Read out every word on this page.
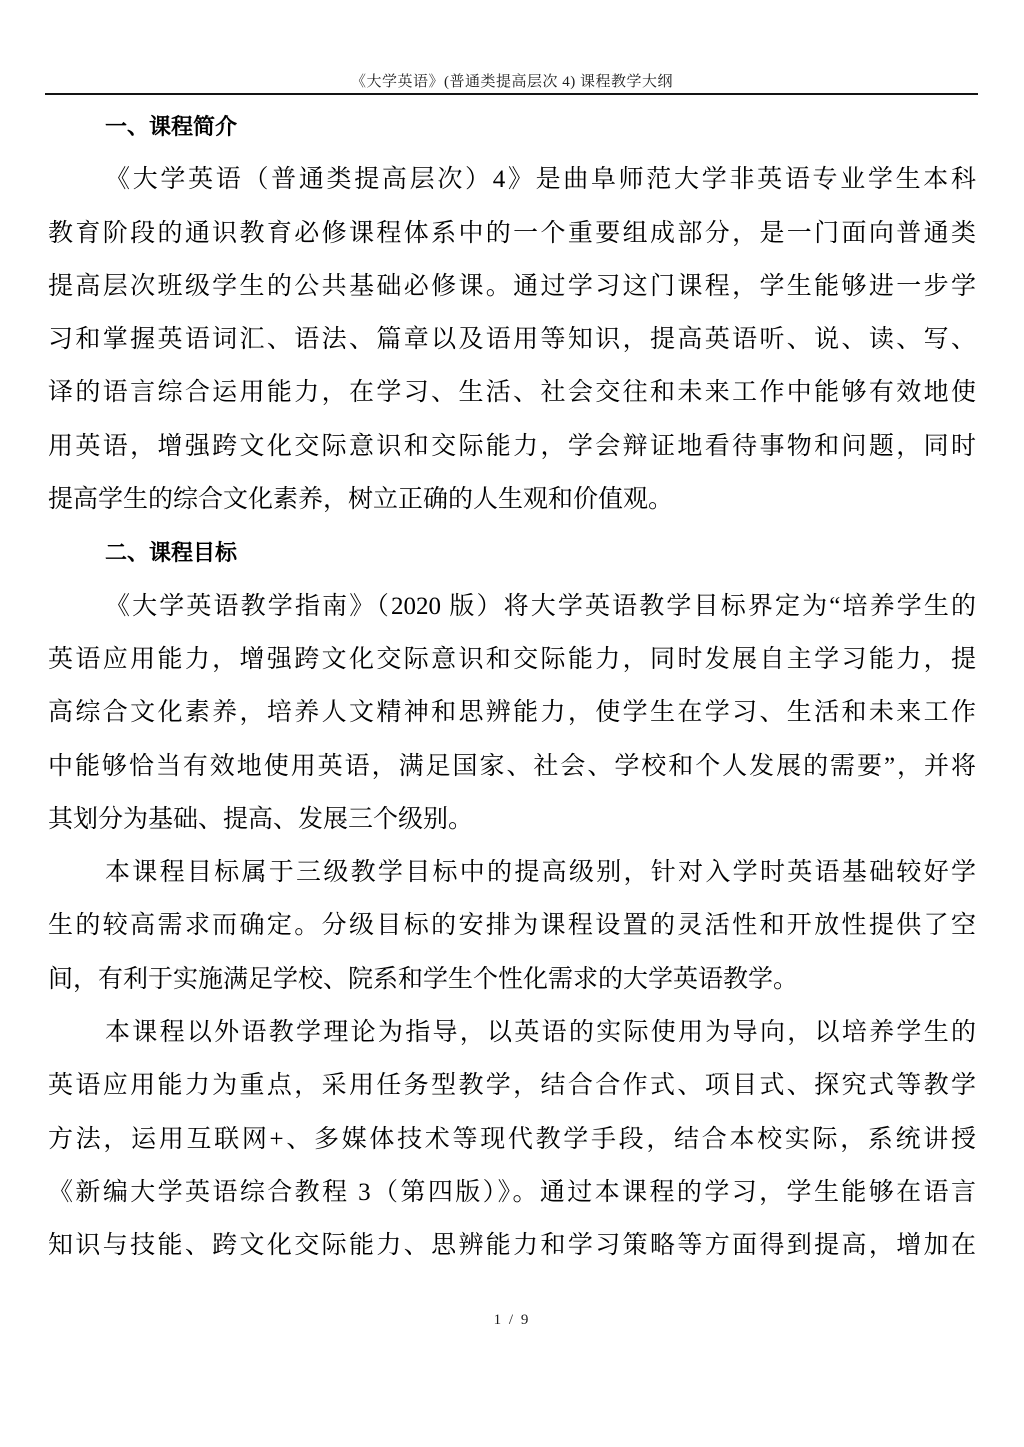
《大学英语》(普通类提高层次 4) 课程教学大纲
一、课程简介
《大学英语（普通类提高层次）4》是曲阜师范大学非英语专业学生本科
教育阶段的通识教育必修课程体系中的一个重要组成部分，是一门面向普通类
提高层次班级学生的公共基础必修课。通过学习这门课程，学生能够进一步学
习和掌握英语词汇、语法、篇章以及语用等知识，提高英语听、说、读、写、
译的语言综合运用能力，在学习、生活、社会交往和未来工作中能够有效地使
用英语，增强跨文化交际意识和交际能力，学会辩证地看待事物和问题，同时
提高学生的综合文化素养，树立正确的人生观和价值观。
二、课程目标
《大学英语教学指南》（2020 版）将大学英语教学目标界定为“培养学生的
英语应用能力，增强跨文化交际意识和交际能力，同时发展自主学习能力，提
高综合文化素养，培养人文精神和思辨能力，使学生在学习、生活和未来工作
中能够恰当有效地使用英语，满足国家、社会、学校和个人发展的需要”，并将
其划分为基础、提高、发展三个级别。
本课程目标属于三级教学目标中的提高级别，针对入学时英语基础较好学
生的较高需求而确定。分级目标的安排为课程设置的灵活性和开放性提供了空
间，有利于实施满足学校、院系和学生个性化需求的大学英语教学。
本课程以外语教学理论为指导，以英语的实际使用为导向，以培养学生的
英语应用能力为重点，采用任务型教学，结合合作式、项目式、探究式等教学
方法，运用互联网+、多媒体技术等现代教学手段，结合本校实际，系统讲授
《新编大学英语综合教程 3（第四版）》。通过本课程的学习，学生能够在语言
知识与技能、跨文化交际能力、思辨能力和学习策略等方面得到提高，增加在
1 / 9
